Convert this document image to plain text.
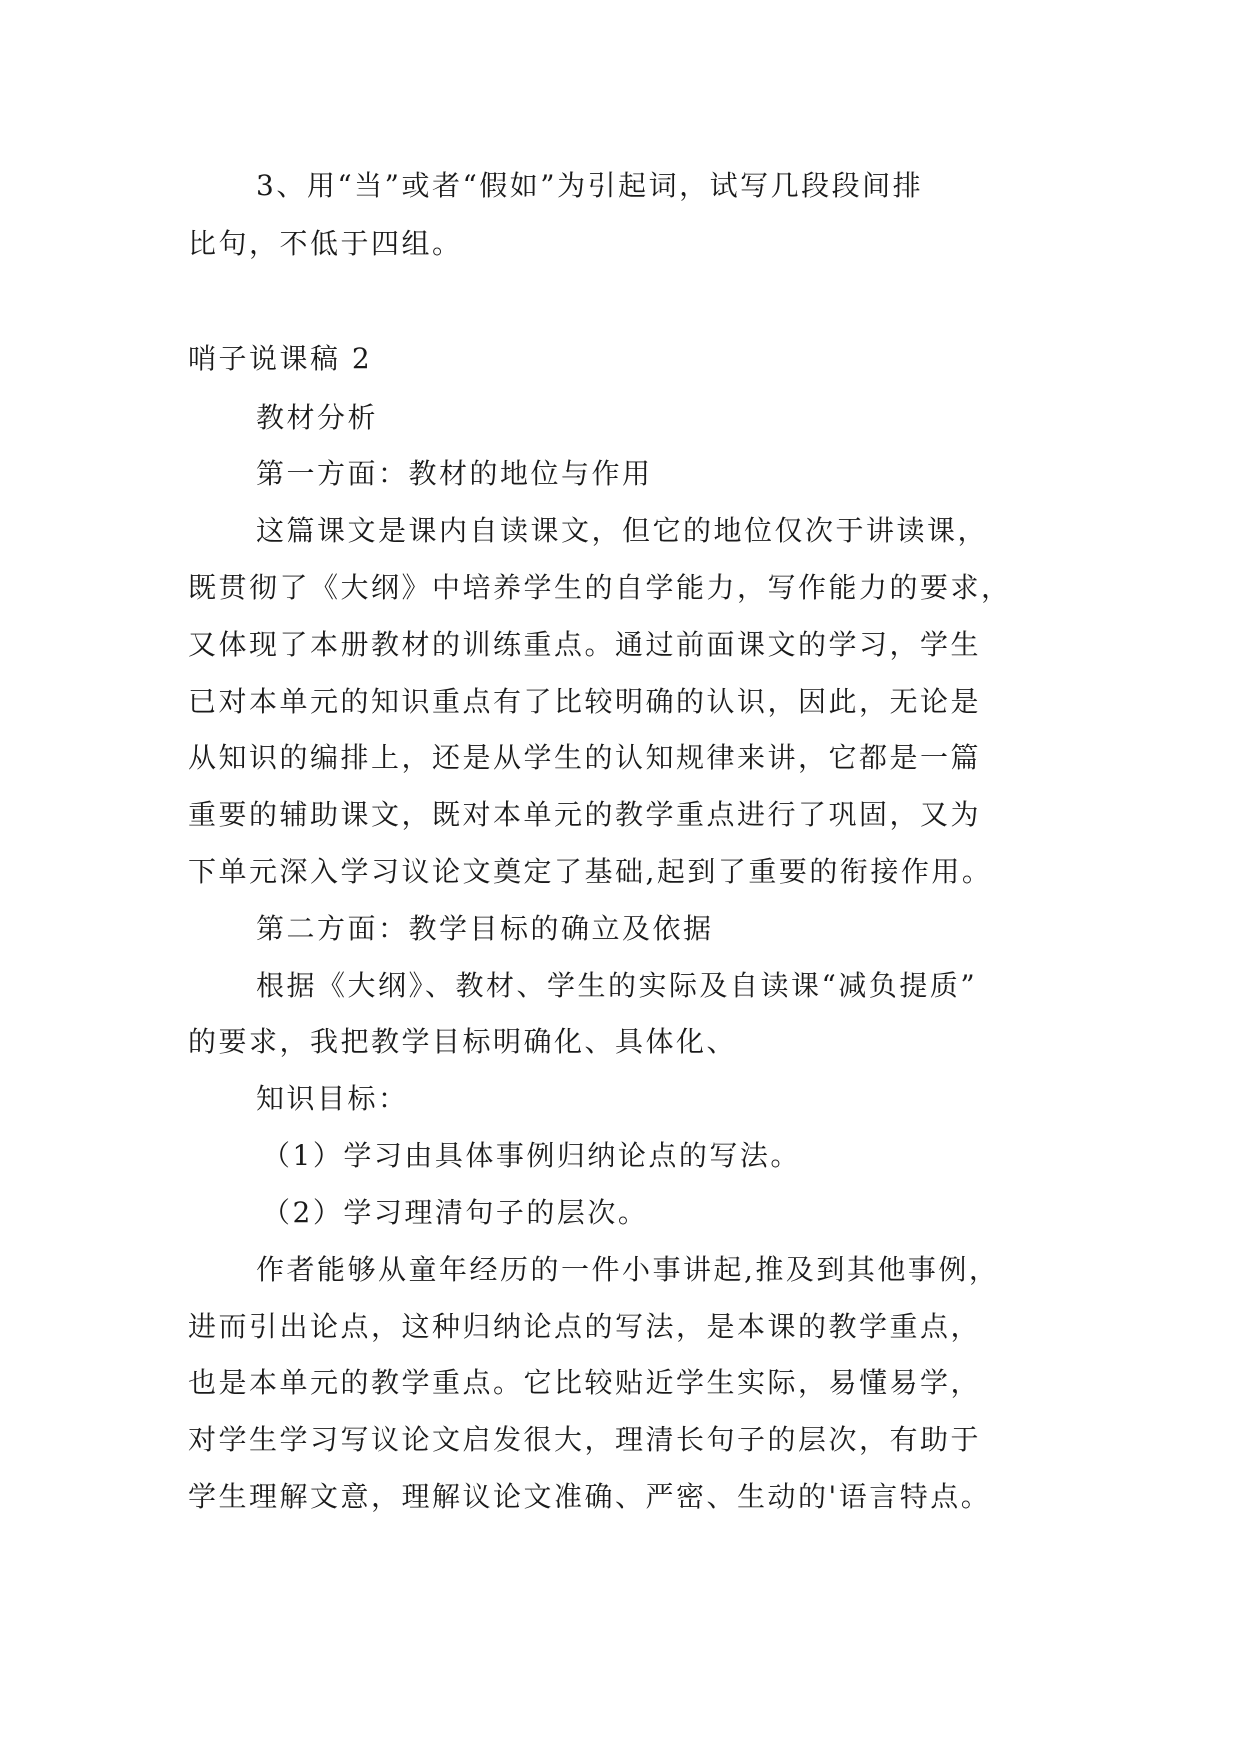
3、用“当”或者“假如”为引起词，试写几段段间排
比句，不低于四组。
哨子说课稿 2
教材分析
第一方面：教材的地位与作用
这篇课文是课内自读课文，但它的地位仅次于讲读课，
既贯彻了《大纲》中培养学生的自学能力，写作能力的要求，
又体现了本册教材的训练重点。通过前面课文的学习，学生
已对本单元的知识重点有了比较明确的认识，因此，无论是
从知识的编排上，还是从学生的认知规律来讲，它都是一篇
重要的辅助课文，既对本单元的教学重点进行了巩固，又为
下单元深入学习议论文奠定了基础,起到了重要的衔接作用。
第二方面：教学目标的确立及依据
根据《大纲》、教材、学生的实际及自读课“减负提质”
的要求，我把教学目标明确化、具体化、
知识目标：
（1）学习由具体事例归纳论点的写法。
（2）学习理清句子的层次。
作者能够从童年经历的一件小事讲起,推及到其他事例，
进而引出论点，这种归纳论点的写法，是本课的教学重点，
也是本单元的教学重点。它比较贴近学生实际，易懂易学，
对学生学习写议论文启发很大，理清长句子的层次，有助于
学生理解文意，理解议论文准确、严密、生动的'语言特点。
